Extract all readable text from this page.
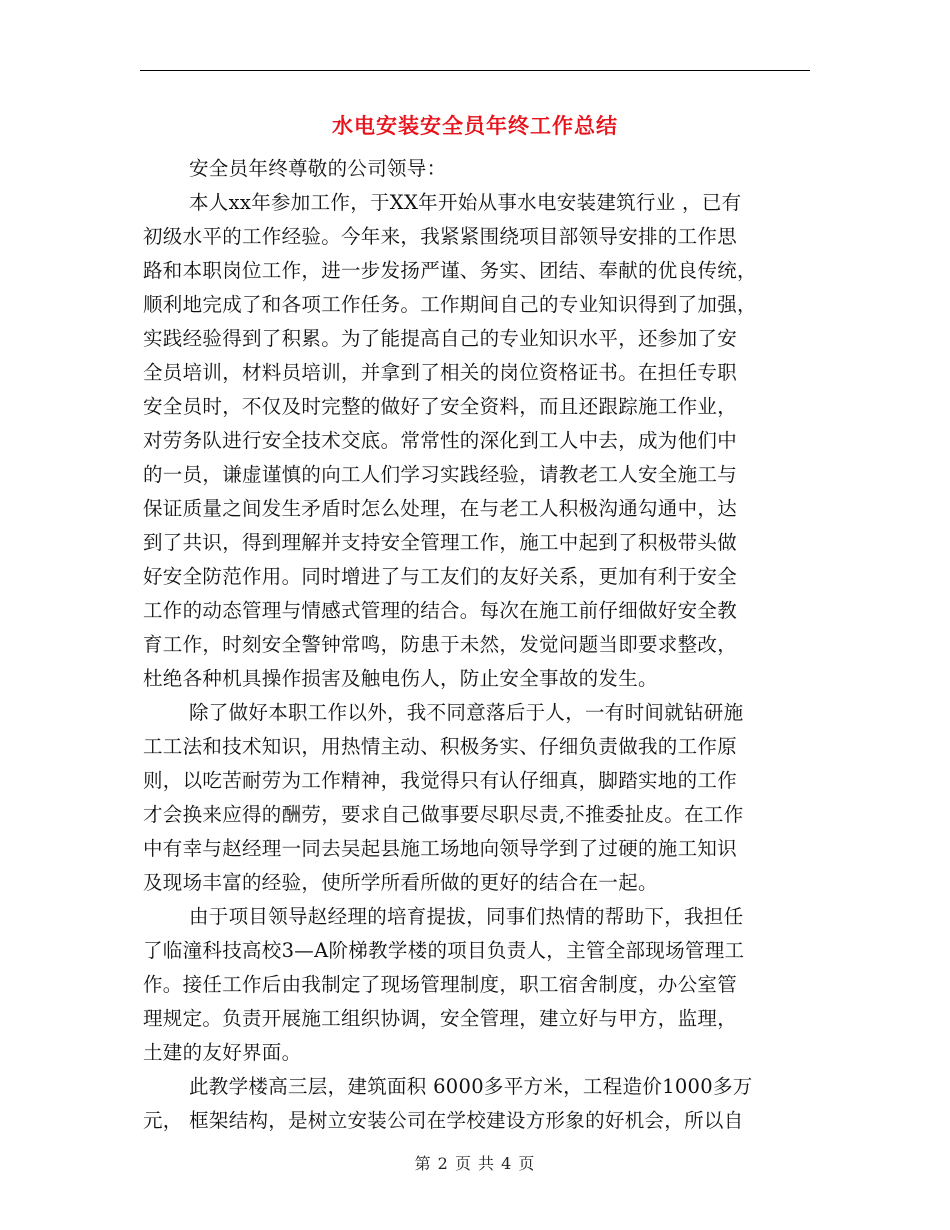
水电安装安全员年终工作总结
安全员年终尊敬的公司领导：
本人xx年参加工作，于XX年开始从事水电安装建筑行业 ，已有
初级水平的工作经验。今年来，我紧紧围绕项目部领导安排的工作思
路和本职岗位工作，进一步发扬严谨、务实、团结、奉献的优良传统，
顺利地完成了和各项工作任务。工作期间自己的专业知识得到了加强，
实践经验得到了积累。为了能提高自己的专业知识水平，还参加了安
全员培训，材料员培训，并拿到了相关的岗位资格证书。在担任专职
安全员时，不仅及时完整的做好了安全资料，而且还跟踪施工作业，
对劳务队进行安全技术交底。常常性的深化到工人中去，成为他们中
的一员，谦虚谨慎的向工人们学习实践经验，请教老工人安全施工与
保证质量之间发生矛盾时怎么处理，在与老工人积极沟通勾通中，达
到了共识，得到理解并支持安全管理工作，施工中起到了积极带头做
好安全防范作用。同时增进了与工友们的友好关系，更加有利于安全
工作的动态管理与情感式管理的结合。每次在施工前仔细做好安全教
育工作，时刻安全警钟常鸣，防患于未然，发觉问题当即要求整改，
杜绝各种机具操作损害及触电伤人，防止安全事故的发生。
除了做好本职工作以外，我不同意落后于人，一有时间就钻研施
工工法和技术知识，用热情主动、积极务实、仔细负责做我的工作原
则，以吃苦耐劳为工作精神，我觉得只有认仔细真，脚踏实地的工作
才会换来应得的酬劳，要求自己做事要尽职尽责,不推委扯皮。在工作
中有幸与赵经理一同去吴起县施工场地向领导学到了过硬的施工知识
及现场丰富的经验，使所学所看所做的更好的结合在一起。
由于项目领导赵经理的培育提拔，同事们热情的帮助下，我担任
了临潼科技高校3—A阶梯教学楼的项目负责人，主管全部现场管理工
作。接任工作后由我制定了现场管理制度，职工宿舍制度，办公室管
理规定。负责开展施工组织协调，安全管理，建立好与甲方，监理，
土建的友好界面。
此教学楼高三层，建筑面积 6000多平方米，工程造价1000多万
元， 框架结构，是树立安装公司在学校建设方形象的好机会，所以自
第 2 页 共 4 页
